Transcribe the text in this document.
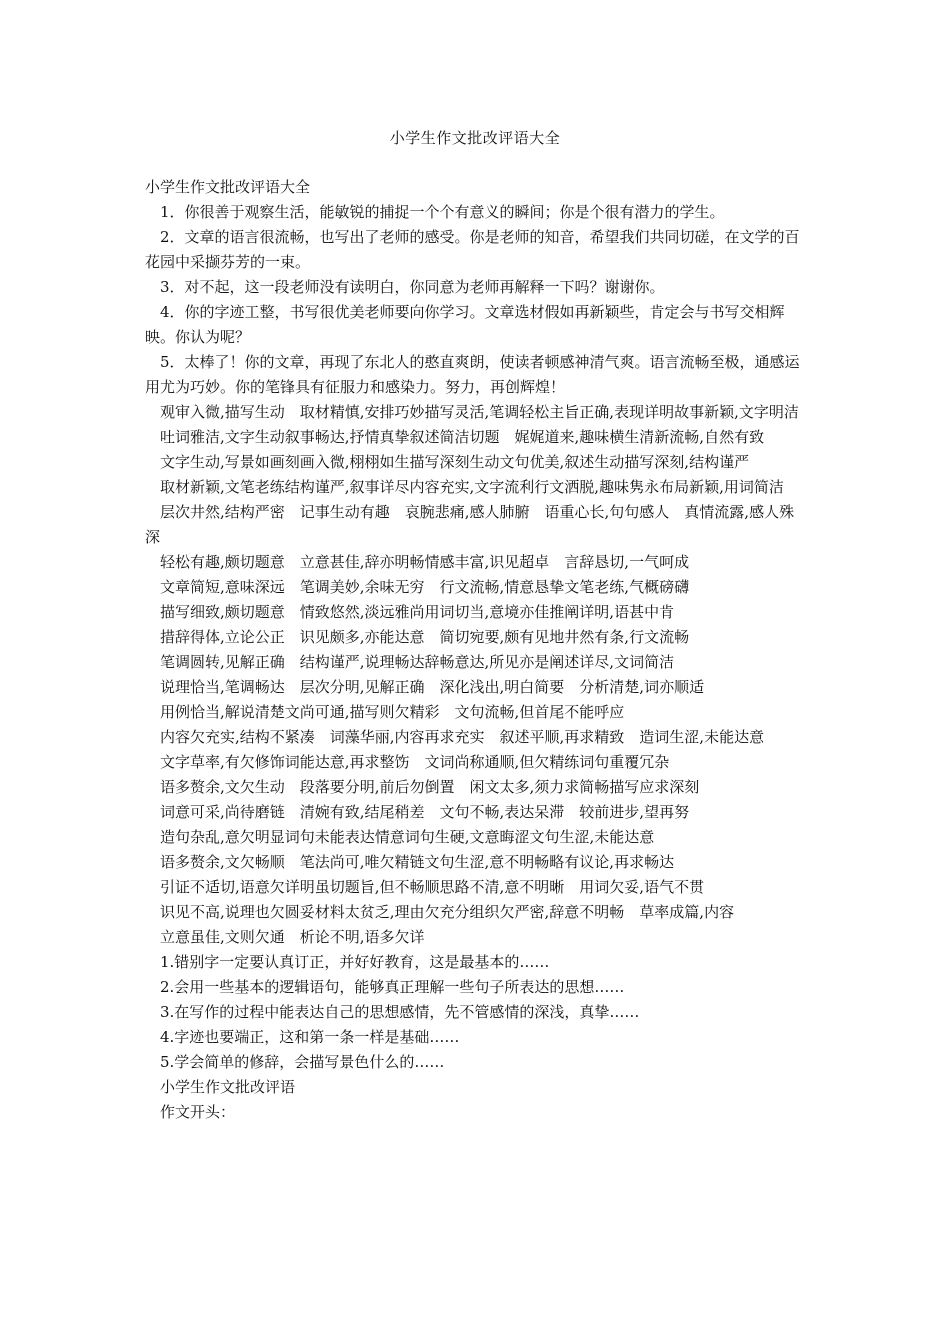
小学生作文批改评语大全

小学生作文批改评语大全

1．你很善于观察生活，能敏锐的捕捉一个个有意义的瞬间；你是个很有潜力的学生。

2．文章的语言很流畅，也写出了老师的感受。你是老师的知音，希望我们共同切磋，在文学的百花园中采撷芬芳的一束。

3．对不起，这一段老师没有读明白，你同意为老师再解释一下吗？谢谢你。

4．你的字迹工整，书写很优美老师要向你学习。文章选材假如再新颖些，肯定会与书写交相辉映。你认为呢？

5．太棒了！你的文章，再现了东北人的憨直爽朗，使读者顿感神清气爽。语言流畅至极，通感运用尤为巧妙。你的笔锋具有征服力和感染力。努力，再创辉煌！

观审入微,描写生动　取材精慎,安排巧妙描写灵活,笔调轻松主旨正确,表现详明故事新颖,文字明洁

吐词雅洁,文字生动叙事畅达,抒情真挚叙述简洁切题　娓娓道来,趣味横生清新流畅,自然有致

文字生动,写景如画刻画入微,栩栩如生描写深刻生动文句优美,叙述生动描写深刻,结构谨严

取材新颖,文笔老练结构谨严,叙事详尽内容充实,文字流利行文洒脱,趣味隽永布局新颖,用词简洁

层次井然,结构严密　记事生动有趣　哀腕悲痛,感人肺腑　语重心长,句句感人　真情流露,感人殊深

轻松有趣,颇切题意　立意甚佳,辞亦明畅情感丰富,识见超卓　言辞恳切,一气呵成

文章简短,意味深远　笔调美妙,余味无穷　行文流畅,情意恳挚文笔老练,气概磅礴

描写细致,颇切题意　情致悠然,淡远雅尚用词切当,意境亦佳推阐详明,语甚中肯

措辞得体,立论公正　识见颇多,亦能达意　简切宛要,颇有见地井然有条,行文流畅

笔调圆转,见解正确　结构谨严,说理畅达辞畅意达,所见亦是阐述详尽,文词简洁

说理恰当,笔调畅达　层次分明,见解正确　深化浅出,明白简要　分析清楚,词亦顺适

用例恰当,解说清楚文尚可通,描写则欠精彩　文句流畅,但首尾不能呼应

内容欠充实,结构不紧凑　词藻华丽,内容再求充实　叙述平顺,再求精致　造词生涩,未能达意

文字草率,有欠修饰词能达意,再求整饬　文词尚称通顺,但欠精练词句重覆冗杂

语多赘余,文欠生动　段落要分明,前后勿倒置　闲文太多,须力求简畅描写应求深刻

词意可采,尚待磨链　清婉有致,结尾稍差　文句不畅,表达呆滞　较前进步,望再努

造句杂乱,意欠明显词句未能表达情意词句生硬,文意晦涩文句生涩,未能达意

语多赘余,文欠畅顺　笔法尚可,唯欠精链文句生涩,意不明畅略有议论,再求畅达

引证不适切,语意欠详明虽切题旨,但不畅顺思路不清,意不明晰　用词欠妥,语气不贯

识见不高,说理也欠圆妥材料太贫乏,理由欠充分组织欠严密,辞意不明畅　草率成篇,内容

立意虽佳,文则欠通　析论不明,语多欠详

1.错别字一定要认真订正，并好好教育，这是最基本的……

2.会用一些基本的逻辑语句，能够真正理解一些句子所表达的思想……

3.在写作的过程中能表达自己的思想感情，先不管感情的深浅，真挚……

4.字迹也要端正，这和第一条一样是基础……

5.学会简单的修辞，会描写景色什么的……

小学生作文批改评语

作文开头：
